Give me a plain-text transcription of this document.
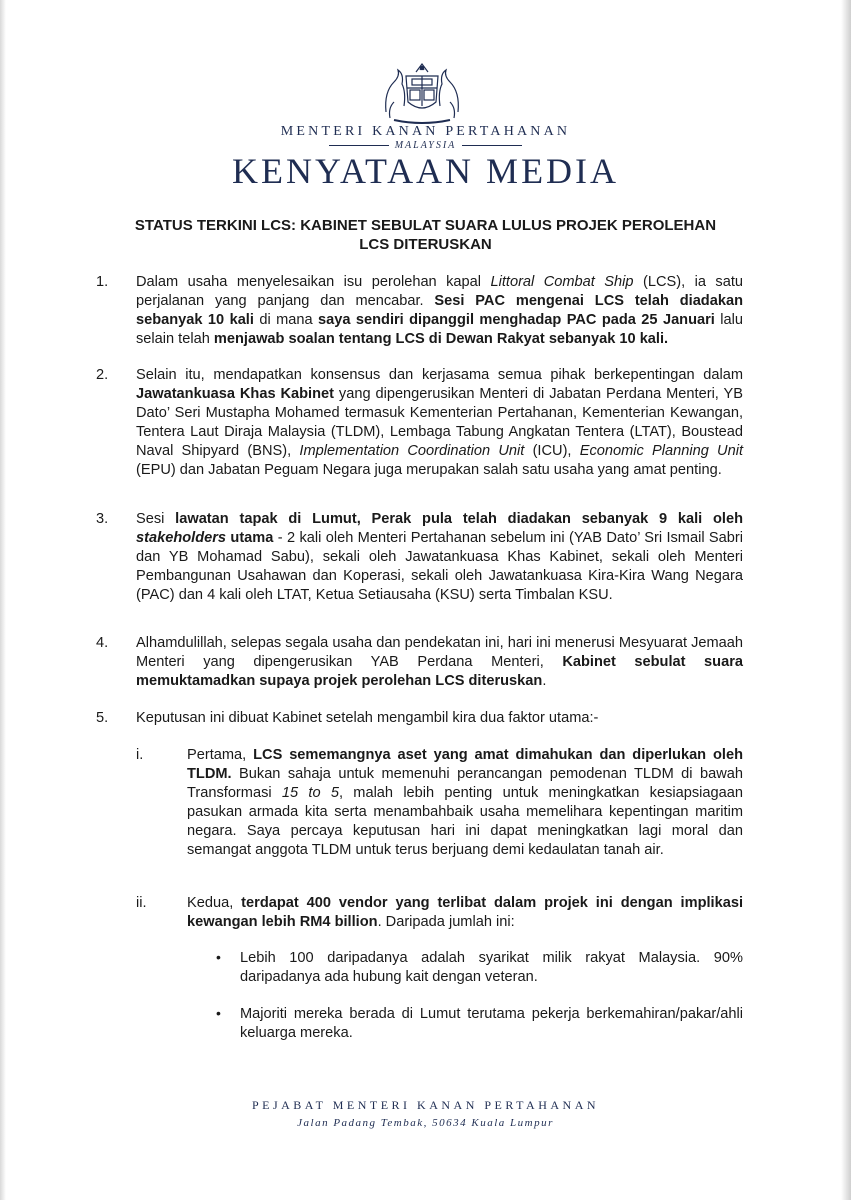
MENTERI KANAN PERTAHANAN
MALAYSIA
KENYATAAN MEDIA
STATUS TERKINI LCS: KABINET SEBULAT SUARA LULUS PROJEK PEROLEHAN
LCS DITERUSKAN
1. Dalam usaha menyelesaikan isu perolehan kapal Littoral Combat Ship (LCS), ia satu perjalanan yang panjang dan mencabar. Sesi PAC mengenai LCS telah diadakan sebanyak 10 kali di mana saya sendiri dipanggil menghadap PAC pada 25 Januari lalu selain telah menjawab soalan tentang LCS di Dewan Rakyat sebanyak 10 kali.
2. Selain itu, mendapatkan konsensus dan kerjasama semua pihak berkepentingan dalam Jawatankuasa Khas Kabinet yang dipengerusikan Menteri di Jabatan Perdana Menteri, YB Dato’ Seri Mustapha Mohamed termasuk Kementerian Pertahanan, Kementerian Kewangan, Tentera Laut Diraja Malaysia (TLDM), Lembaga Tabung Angkatan Tentera (LTAT), Boustead Naval Shipyard (BNS), Implementation Coordination Unit (ICU), Economic Planning Unit (EPU) dan Jabatan Peguam Negara juga merupakan salah satu usaha yang amat penting.
3. Sesi lawatan tapak di Lumut, Perak pula telah diadakan sebanyak 9 kali oleh stakeholders utama - 2 kali oleh Menteri Pertahanan sebelum ini (YAB Dato’ Sri Ismail Sabri dan YB Mohamad Sabu), sekali oleh Jawatankuasa Khas Kabinet, sekali oleh Menteri Pembangunan Usahawan dan Koperasi, sekali oleh Jawatankuasa Kira-Kira Wang Negara (PAC) dan 4 kali oleh LTAT, Ketua Setiausaha (KSU) serta Timbalan KSU.
4. Alhamdulillah, selepas segala usaha dan pendekatan ini, hari ini menerusi Mesyuarat Jemaah Menteri yang dipengerusikan YAB Perdana Menteri, Kabinet sebulat suara memuktamadkan supaya projek perolehan LCS diteruskan.
5. Keputusan ini dibuat Kabinet setelah mengambil kira dua faktor utama:-
i.	Pertama, LCS sememangnya aset yang amat dimahukan dan diperlukan oleh TLDM. Bukan sahaja untuk memenuhi perancangan pemodenan TLDM di bawah Transformasi 15 to 5, malah lebih penting untuk meningkatkan kesiapsiagaan pasukan armada kita serta menambahbaik usaha memelihara kepentingan maritim negara. Saya percaya keputusan hari ini dapat meningkatkan lagi moral dan semangat anggota TLDM untuk terus berjuang demi kedaulatan tanah air.
ii.	Kedua, terdapat 400 vendor yang terlibat dalam projek ini dengan implikasi kewangan lebih RM4 billion. Daripada jumlah ini:
• Lebih 100 daripadanya adalah syarikat milik rakyat Malaysia. 90% daripadanya ada hubung kait dengan veteran.
• Majoriti mereka berada di Lumut terutama pekerja berkemahiran/pakar/ahli keluarga mereka.
PEJABAT MENTERI KANAN PERTAHANAN
Jalan Padang Tembak, 50634 Kuala Lumpur
